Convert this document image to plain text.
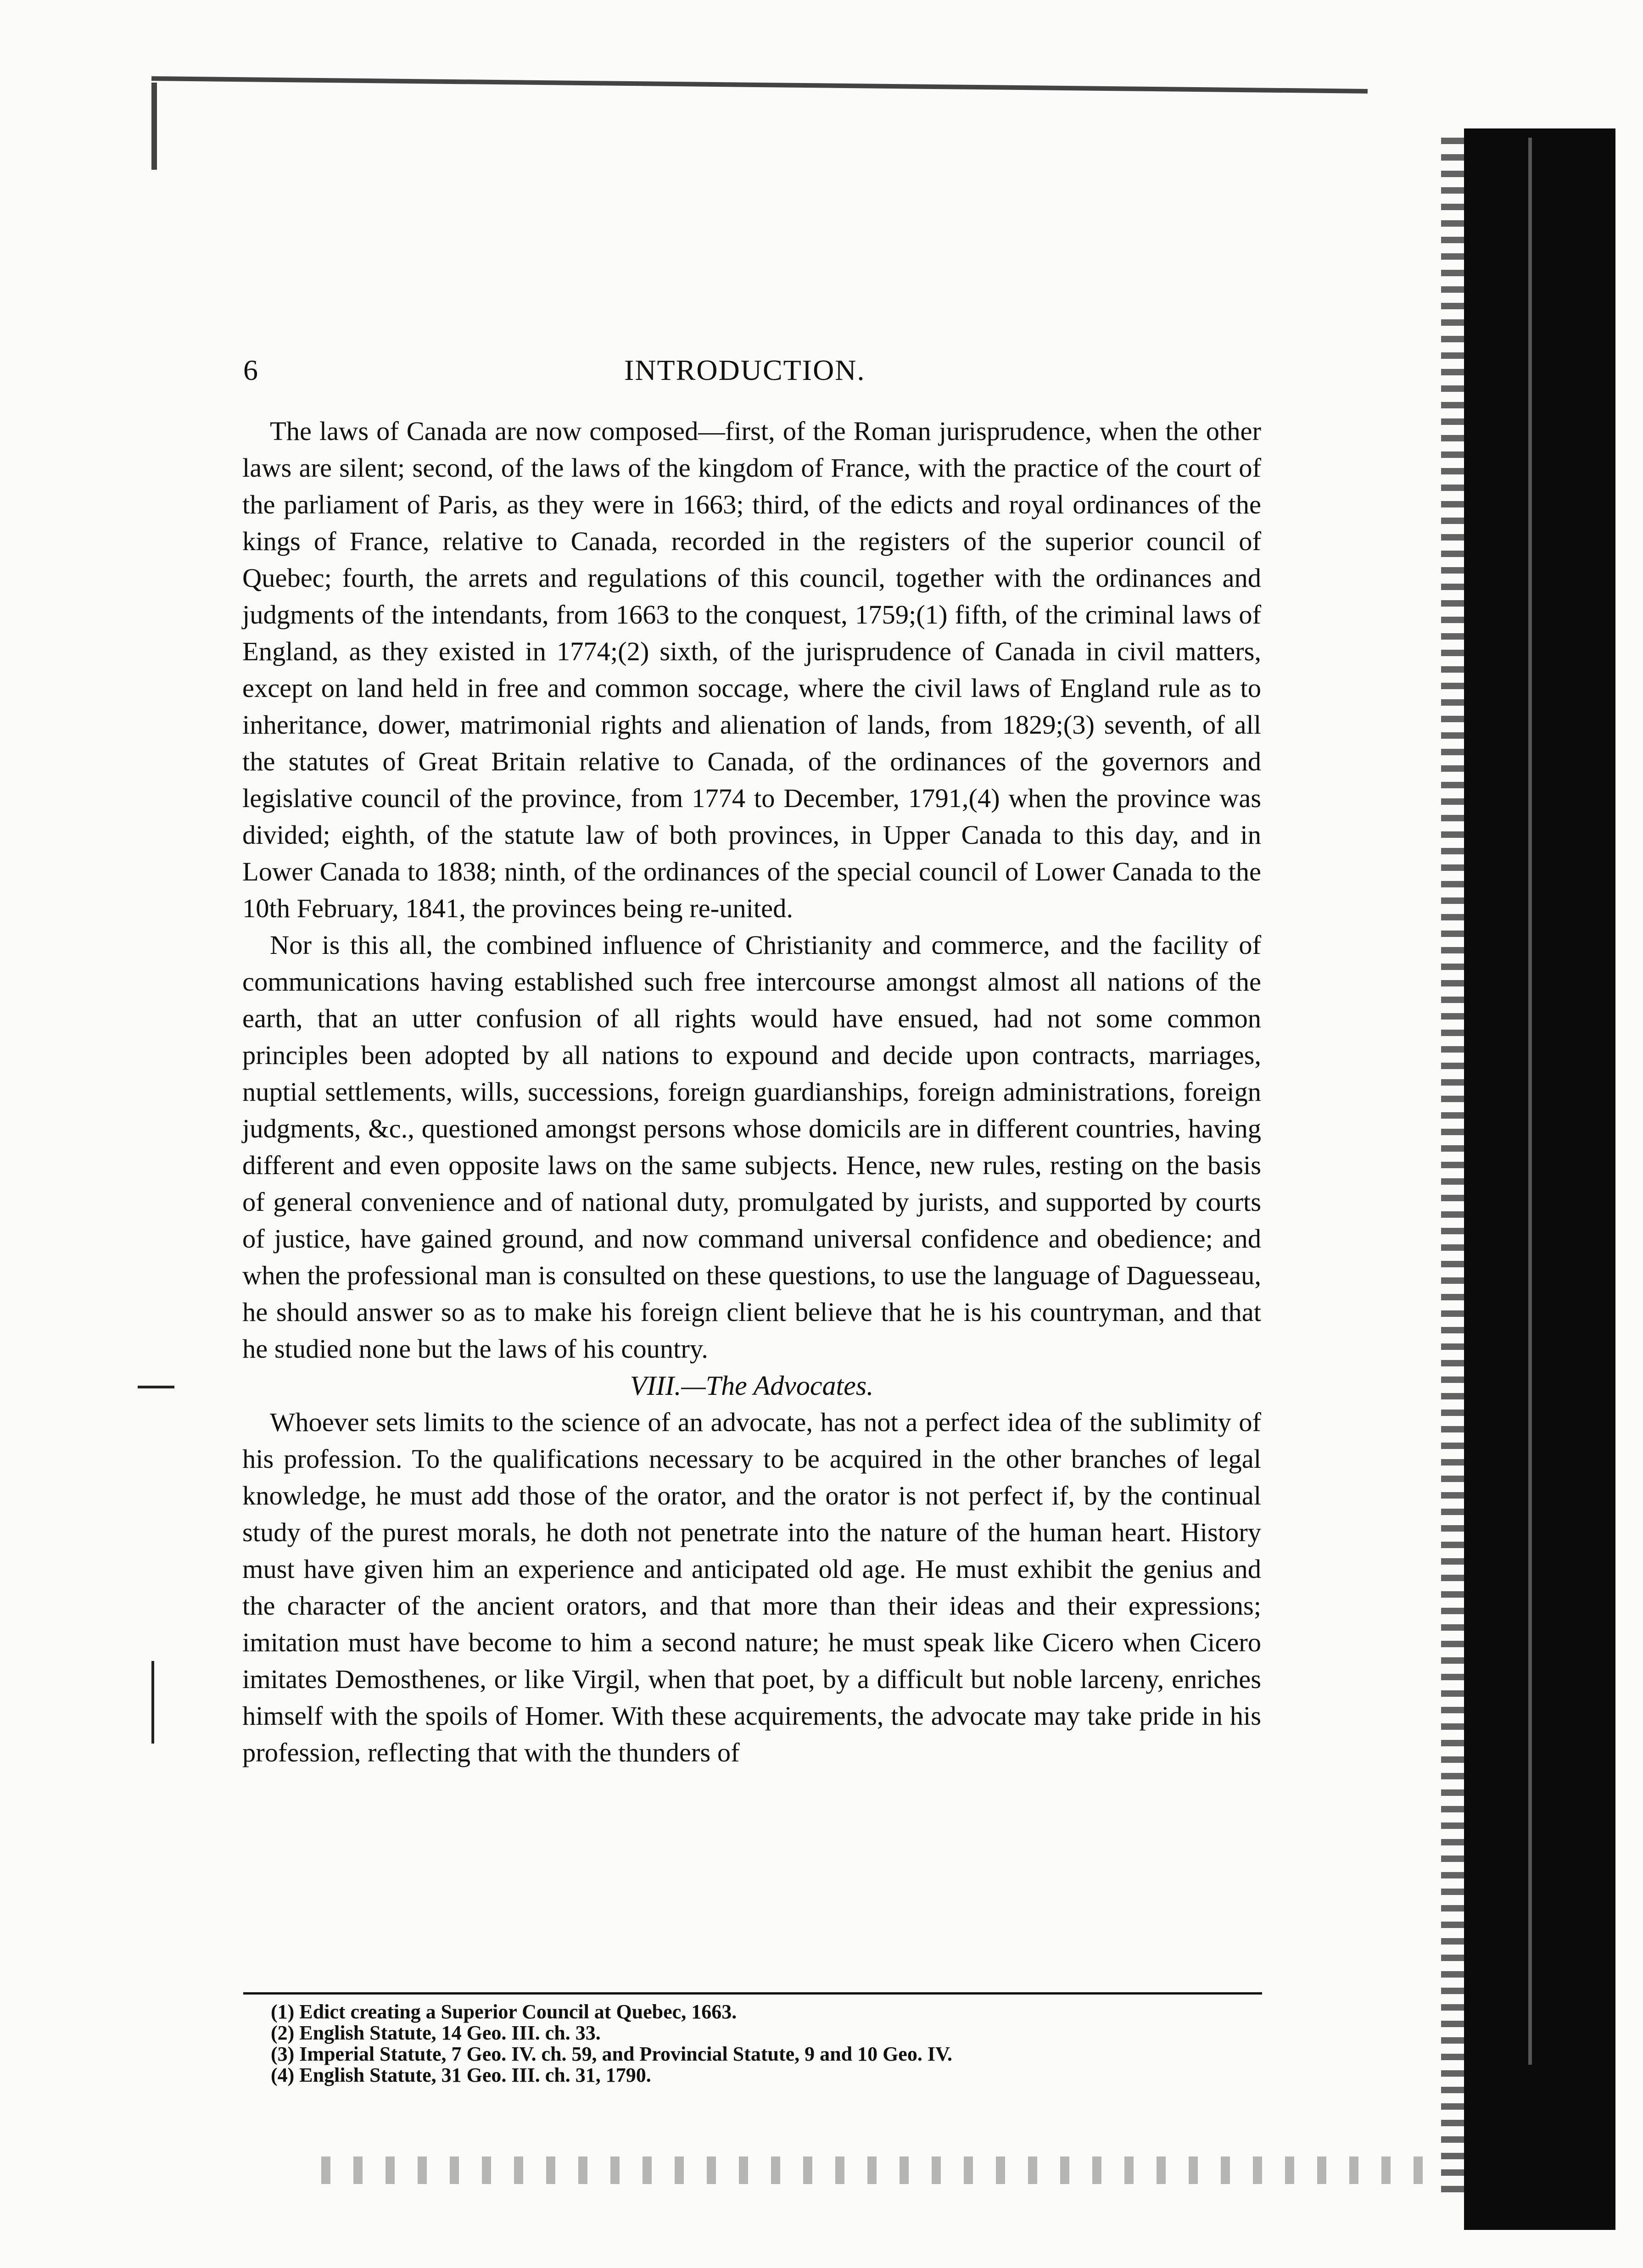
6	INTRODUCTION.

The laws of Canada are now composed—first, of the Roman jurisprudence, when the other laws are silent; second, of the laws of the kingdom of France, with the practice of the court of the parliament of Paris, as they were in 1663; third, of the edicts and royal ordinances of the kings of France, relative to Canada, recorded in the registers of the superior council of Quebec; fourth, the arrets and regulations of this council, together with the ordinances and judgments of the intendants, from 1663 to the conquest, 1759;(1) fifth, of the criminal laws of England, as they existed in 1774;(2) sixth, of the jurisprudence of Canada in civil matters, except on land held in free and common soccage, where the civil laws of England rule as to inheritance, dower, matrimonial rights and alienation of lands, from 1829;(3) seventh, of all the statutes of Great Britain relative to Canada, of the ordinances of the governors and legislative council of the province, from 1774 to December, 1791,(4) when the province was divided; eighth, of the statute law of both provinces, in Upper Canada to this day, and in Lower Canada to 1838; ninth, of the ordinances of the special council of Lower Canada to the 10th February, 1841, the provinces being re-united.

Nor is this all, the combined influence of Christianity and commerce, and the facility of communications having established such free intercourse amongst almost all nations of the earth, that an utter confusion of all rights would have ensued, had not some common principles been adopted by all nations to expound and decide upon contracts, marriages, nuptial settlements, wills, successions, foreign guardianships, foreign administrations, foreign judgments, &c., questioned amongst persons whose domicils are in different countries, having different and even opposite laws on the same subjects. Hence, new rules, resting on the basis of general convenience and of national duty, promulgated by jurists, and supported by courts of justice, have gained ground, and now command universal confidence and obedience; and when the professional man is consulted on these questions, to use the language of Daguesseau, he should answer so as to make his foreign client believe that he is his countryman, and that he studied none but the laws of his country.

VIII.—The Advocates.

Whoever sets limits to the science of an advocate, has not a perfect idea of the sublimity of his profession. To the qualifications necessary to be acquired in the other branches of legal knowledge, he must add those of the orator, and the orator is not perfect if, by the continual study of the purest morals, he doth not penetrate into the nature of the human heart. History must have given him an experience and anticipated old age. He must exhibit the genius and the character of the ancient orators, and that more than their ideas and their expressions; imitation must have become to him a second nature; he must speak like Cicero when Cicero imitates Demosthenes, or like Virgil, when that poet, by a difficult but noble larceny, enriches himself with the spoils of Homer. With these acquirements, the advocate may take pride in his profession, reflecting that with the thunders of

(1) Edict creating a Superior Council at Quebec, 1663.

(2) English Statute, 14 Geo. III. ch. 33.

(3) Imperial Statute, 7 Geo. IV. ch. 59, and Provincial Statute, 9 and 10 Geo. IV.

(4) English Statute, 31 Geo. III. ch. 31, 1790.
